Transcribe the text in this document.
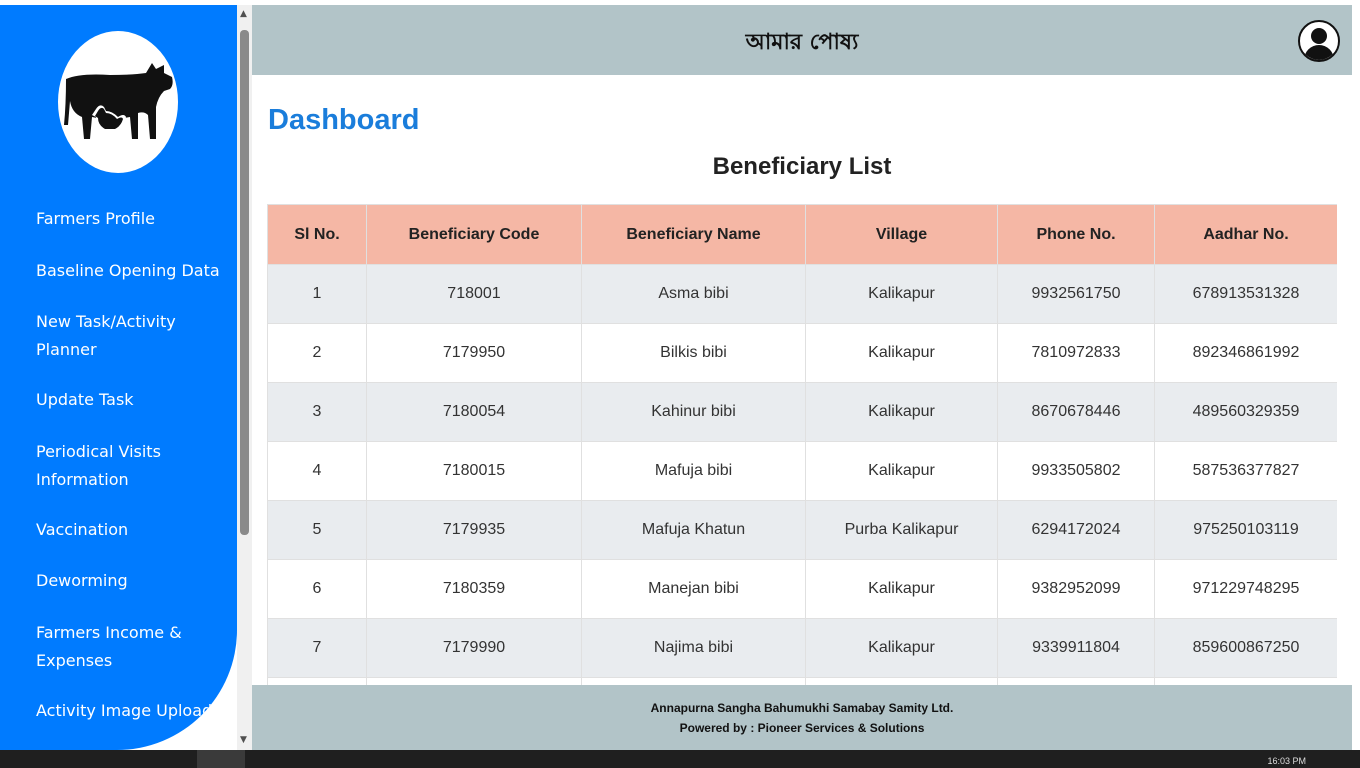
Farmers Profile
Baseline Opening Data
New Task/Activity Planner
Update Task
Periodical Visits Information
Vaccination
Deworming
Farmers Income & Expenses
Activity Image Upload
▲
▼
আমার পোষ্য
Dashboard
Beneficiary List
Sl No.	Beneficiary Code	Beneficiary Name	Village	Phone No.	Aadhar No.
1	718001	Asma bibi	Kalikapur	9932561750	678913531328
2	7179950	Bilkis bibi	Kalikapur	7810972833	892346861992
3	7180054	Kahinur bibi	Kalikapur	8670678446	489560329359
4	7180015	Mafuja bibi	Kalikapur	9933505802	587536377827
5	7179935	Mafuja Khatun	Purba Kalikapur	6294172024	975250103119
6	7180359	Manejan bibi	Kalikapur	9382952099	971229748295
7	7179990	Najima bibi	Kalikapur	9339911804	859600867250

Annapurna Sangha Bahumukhi Samabay Samity Ltd.
Powered by : Pioneer Services & Solutions
16:03 PM
